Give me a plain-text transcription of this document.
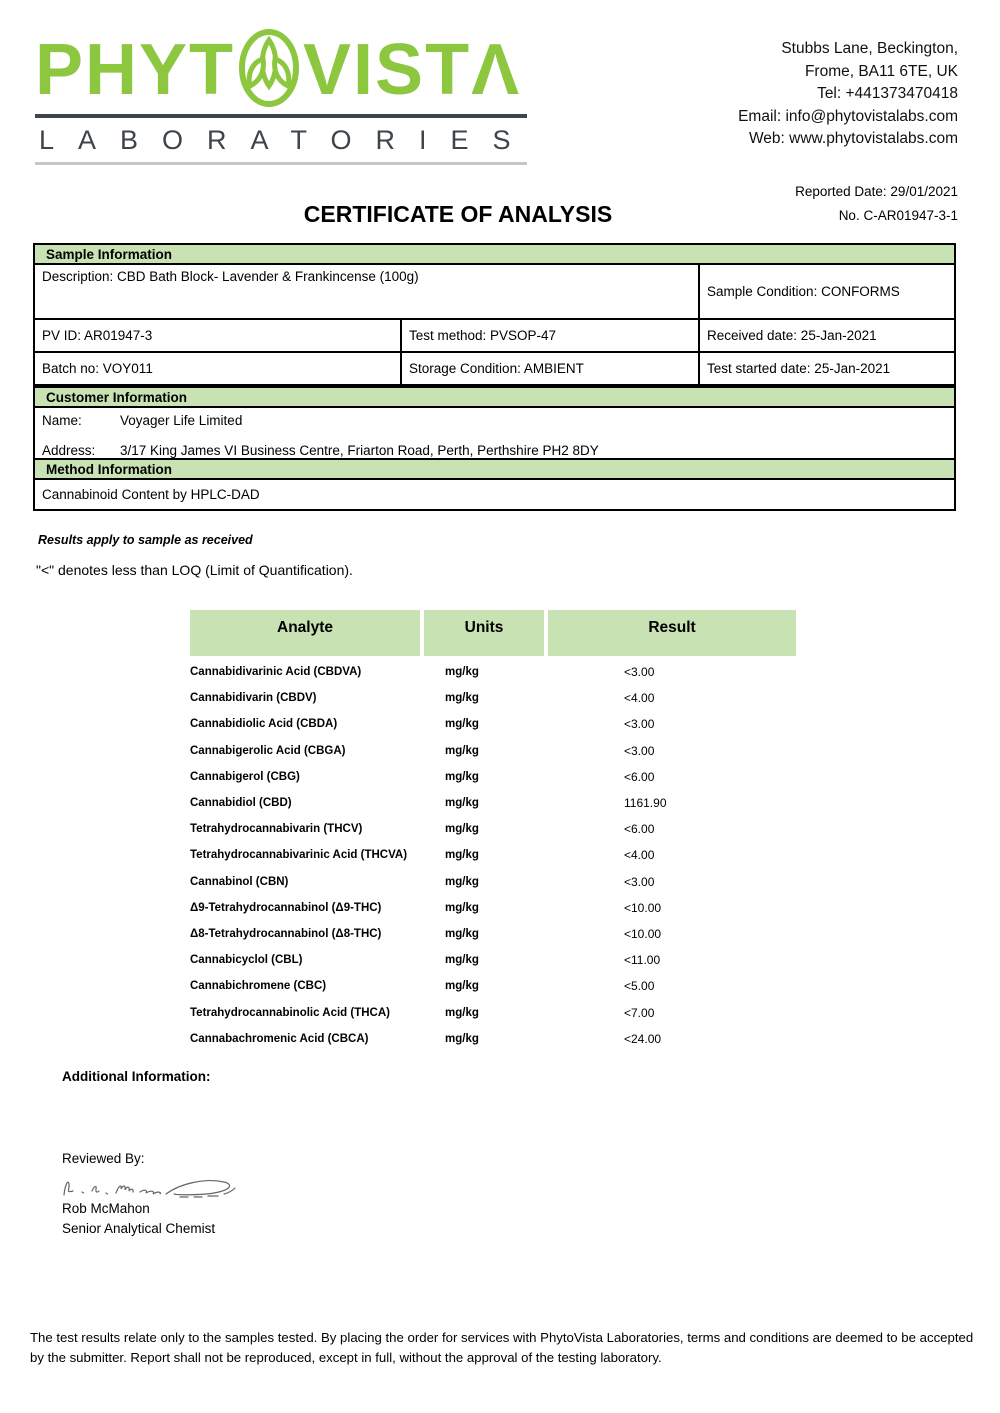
PHYT VISTΛ
LABORATORIES
Stubbs Lane, Beckington,
Frome, BA11 6TE, UK
Tel: +441373470418
Email: info@phytovistalabs.com
Web: www.phytovistalabs.com
Reported Date: 29/01/2021
No. C-AR01947-3-1
CERTIFICATE OF ANALYSIS
Sample Information
Description: CBD Bath Block- Lavender & Frankincense (100g)
Sample Condition: CONFORMS
PV ID: AR01947-3	Test method: PVSOP-47	Received date: 25-Jan-2021
Batch no: VOY011	Storage Condition: AMBIENT	Test started date: 25-Jan-2021
Customer Information
Name:	Voyager Life Limited
Address:	3/17 King James VI Business Centre, Friarton Road, Perth, Perthshire PH2 8DY
Method Information
Cannabinoid Content by HPLC-DAD
Results apply to sample as received
"<" denotes less than LOQ (Limit of Quantification).
Analyte	Units	Result
Cannabidivarinic Acid (CBDVA)	mg/kg	<3.00
Cannabidivarin (CBDV)	mg/kg	<4.00
Cannabidiolic Acid (CBDA)	mg/kg	<3.00
Cannabigerolic Acid (CBGA)	mg/kg	<3.00
Cannabigerol (CBG)	mg/kg	<6.00
Cannabidiol (CBD)	mg/kg	1161.90
Tetrahydrocannabivarin (THCV)	mg/kg	<6.00
Tetrahydrocannabivarinic Acid (THCVA)	mg/kg	<4.00
Cannabinol (CBN)	mg/kg	<3.00
Δ9-Tetrahydrocannabinol (Δ9-THC)	mg/kg	<10.00
Δ8-Tetrahydrocannabinol (Δ8-THC)	mg/kg	<10.00
Cannabicyclol (CBL)	mg/kg	<11.00
Cannabichromene (CBC)	mg/kg	<5.00
Tetrahydrocannabinolic Acid (THCA)	mg/kg	<7.00
Cannabachromenic Acid (CBCA)	mg/kg	<24.00
Additional Information:
Reviewed By:
Rob McMahon
Senior Analytical Chemist
The test results relate only to the samples tested. By placing the order for services with PhytoVista Laboratories, terms and conditions are deemed to be accepted by the submitter. Report shall not be reproduced, except in full, without the approval of the testing laboratory.
